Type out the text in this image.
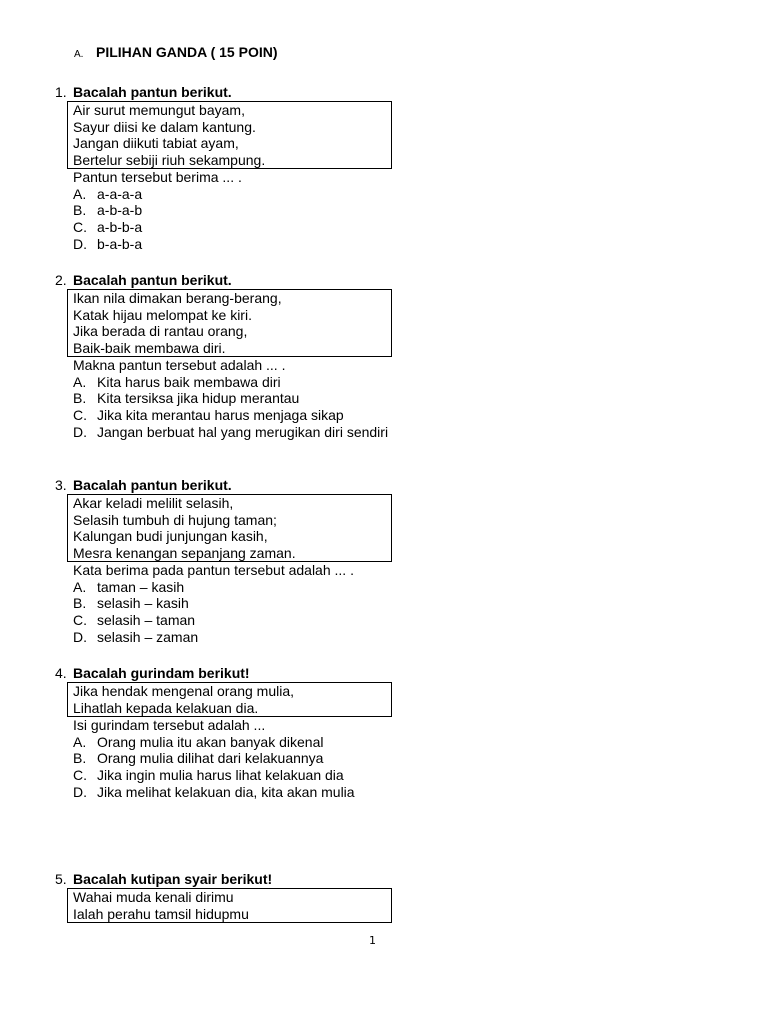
A. PILIHAN GANDA ( 15 POIN)
1. Bacalah pantun berikut.
Air surut memungut bayam,
Sayur diisi ke dalam kantung.
Jangan diikuti tabiat ayam,
Bertelur sebiji riuh sekampung.
Pantun tersebut berima ... .
A. a-a-a-a
B. a-b-a-b
C. a-b-b-a
D. b-a-b-a
2. Bacalah pantun berikut.
Ikan nila dimakan berang-berang,
Katak hijau melompat ke kiri.
Jika berada di rantau orang,
Baik-baik membawa diri.
Makna pantun tersebut adalah ... .
A. Kita harus baik membawa diri
B. Kita tersiksa jika hidup merantau
C. Jika kita merantau harus menjaga sikap
D. Jangan berbuat hal yang merugikan diri sendiri
3. Bacalah pantun berikut.
Akar keladi melilit selasih,
Selasih tumbuh di hujung taman;
Kalungan budi junjungan kasih,
Mesra kenangan sepanjang zaman.
Kata berima pada pantun tersebut adalah ... .
A. taman – kasih
B. selasih – kasih
C. selasih – taman
D. selasih – zaman
4. Bacalah gurindam berikut!
Jika hendak mengenal orang mulia,
Lihatlah kepada kelakuan dia.
Isi gurindam tersebut adalah ...
A. Orang mulia itu akan banyak dikenal
B. Orang mulia dilihat dari kelakuannya
C. Jika ingin mulia harus lihat kelakuan dia
D. Jika melihat kelakuan dia, kita akan mulia
5. Bacalah kutipan syair berikut!
Wahai muda kenali dirimu
Ialah perahu tamsil hidupmu
1
